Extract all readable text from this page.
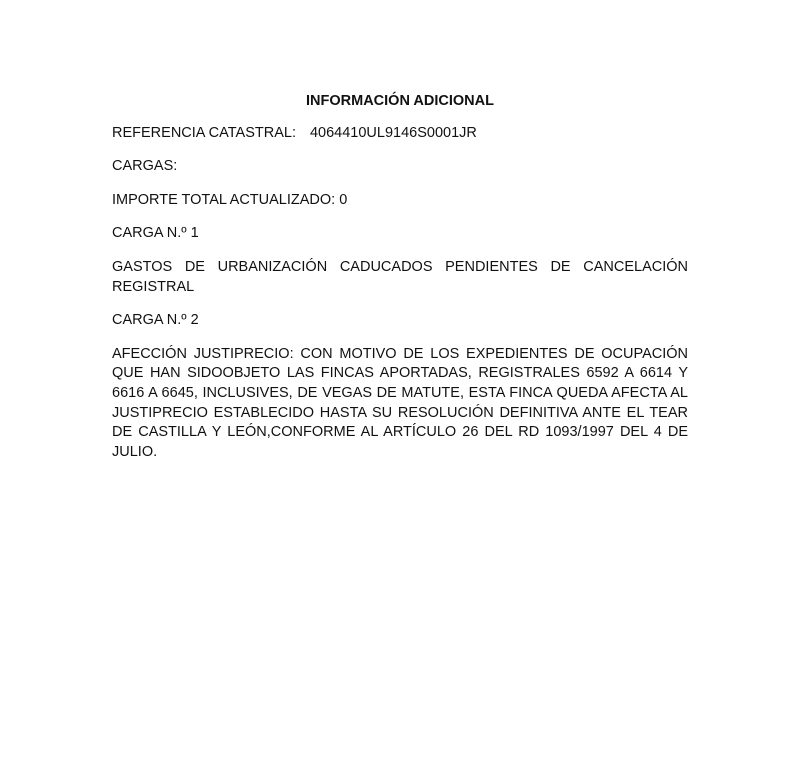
INFORMACIÓN ADICIONAL
REFERENCIA CATASTRAL: 4064410UL9146S0001JR
CARGAS:
IMPORTE TOTAL ACTUALIZADO: 0
CARGA N.º 1
GASTOS DE URBANIZACIÓN CADUCADOS PENDIENTES DE CANCELACIÓN REGISTRAL
CARGA N.º 2
AFECCIÓN JUSTIPRECIO: CON MOTIVO DE LOS EXPEDIENTES DE OCUPACIÓN QUE HAN SIDOOBJETO LAS FINCAS APORTADAS, REGISTRALES 6592 A 6614 Y 6616 A 6645, INCLUSIVES, DE VEGAS DE MATUTE, ESTA FINCA QUEDA AFECTA AL JUSTIPRECIO ESTABLECIDO HASTA SU RESOLUCIÓN DEFINITIVA ANTE EL TEAR DE CASTILLA Y LEÓN,CONFORME AL ARTÍCULO 26 DEL RD 1093/1997 DEL 4 DE JULIO.
